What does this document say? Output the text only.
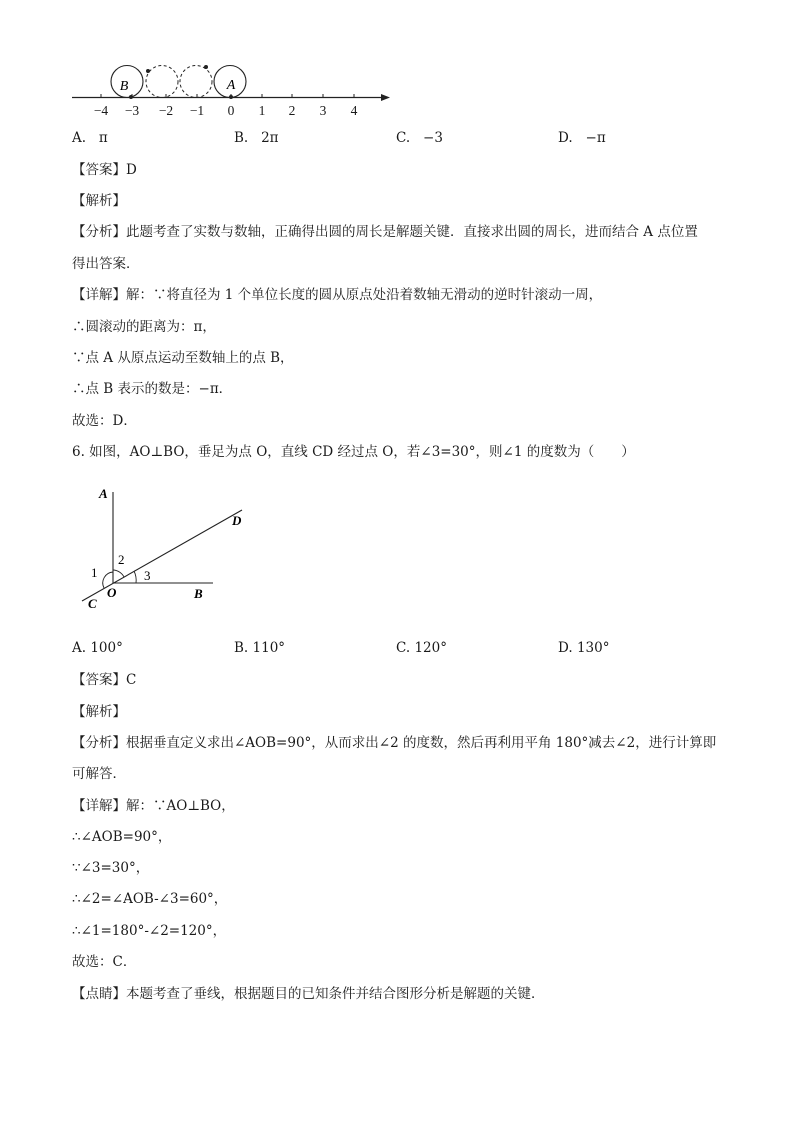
B	A
−4 −3 −2 −1 0 1 2 3 4
A. π	B. 2π	C. −3	D. −π
【答案】D
【解析】
【分析】此题考查了实数与数轴，正确得出圆的周长是解题关键．直接求出圆的周长，进而结合 A 点位置
得出答案．
【详解】解：∵将直径为 1 个单位长度的圆从原点处沿着数轴无滑动的逆时针滚动一周，
∴圆滚动的距离为：π，
∵点 A 从原点运动至数轴上的点 B，
∴点 B 表示的数是：−π．
故选：D．
6. 如图，AO⊥BO，垂足为点 O，直线 CD 经过点 O，若∠3=30°，则∠1 的度数为（　　）
A
D
O	B
C
1
2
3
A. 100°	B. 110°	C. 120°	D. 130°
【答案】C
【解析】
【分析】根据垂直定义求出∠AOB=90°，从而求出∠2 的度数，然后再利用平角 180°减去∠2，进行计算即
可解答．
【详解】解：∵AO⊥BO，
∴∠AOB=90°，
∵∠3=30°，
∴∠2=∠AOB-∠3=60°，
∴∠1=180°-∠2=120°，
故选：C．
【点睛】本题考查了垂线，根据题目的已知条件并结合图形分析是解题的关键．
